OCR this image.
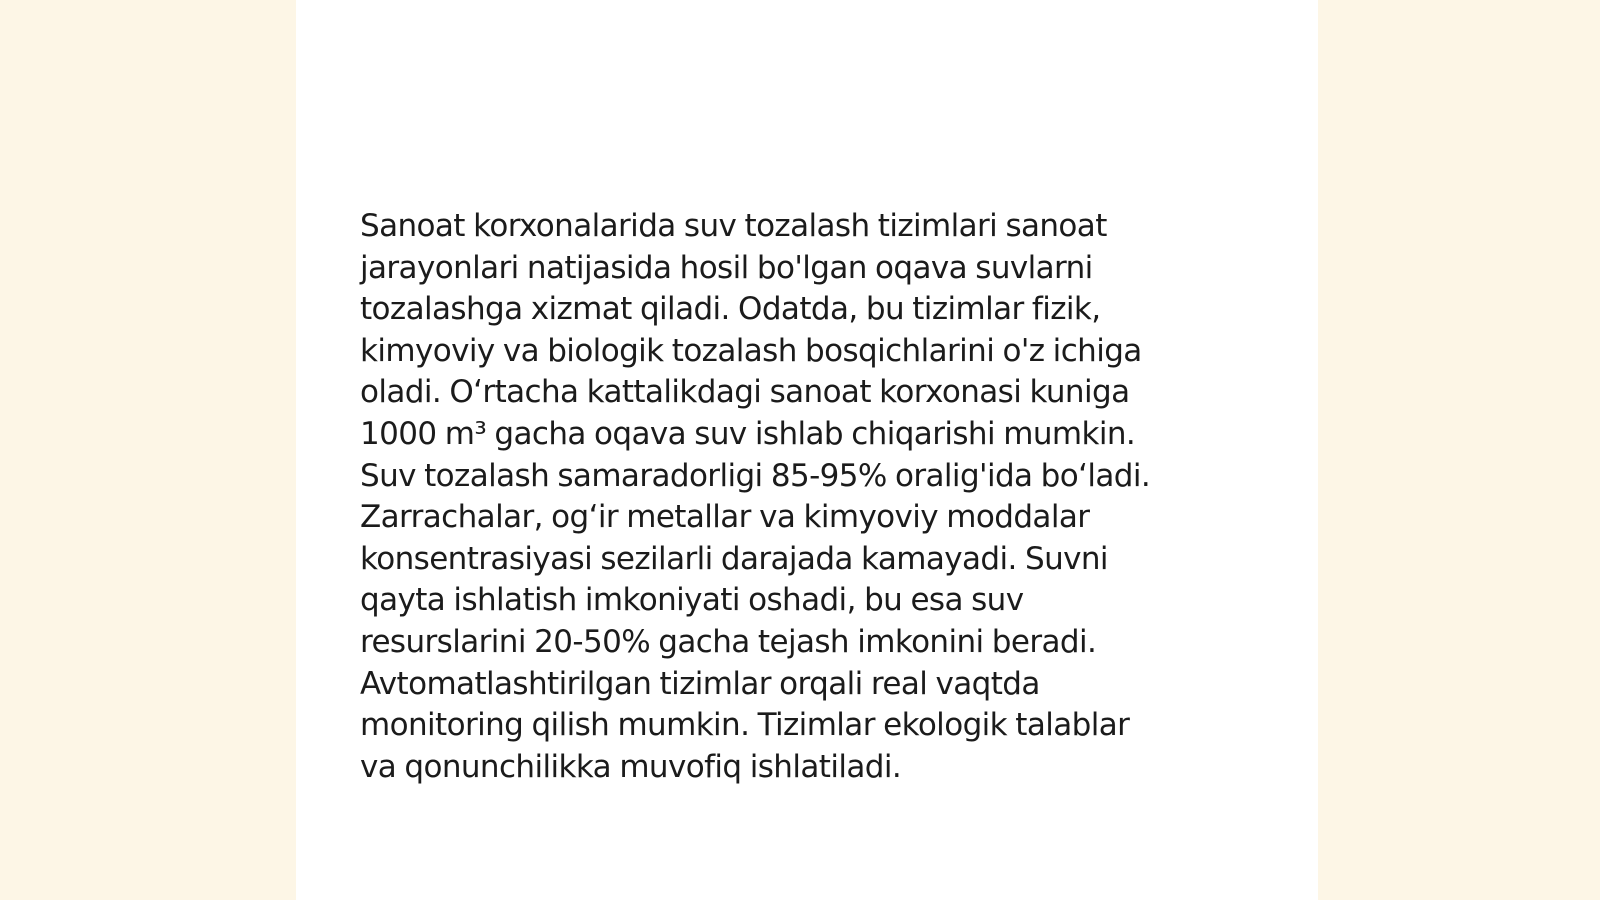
Sanoat korxonalarida suv tozalash tizimlari sanoat
jarayonlari natijasida hosil bo'lgan oqava suvlarni
tozalashga xizmat qiladi. Odatda, bu tizimlar fizik,
kimyoviy va biologik tozalash bosqichlarini o'z ichiga
oladi. O‘rtacha kattalikdagi sanoat korxonasi kuniga
1000 m³ gacha oqava suv ishlab chiqarishi mumkin.
Suv tozalash samaradorligi 85-95% oralig'ida bo‘ladi.
Zarrachalar, og‘ir metallar va kimyoviy moddalar
konsentrasiyasi sezilarli darajada kamayadi. Suvni
qayta ishlatish imkoniyati oshadi, bu esa suv
resurslarini 20-50% gacha tejash imkonini beradi.
Avtomatlashtirilgan tizimlar orqali real vaqtda
monitoring qilish mumkin. Tizimlar ekologik talablar
va qonunchilikka muvofiq ishlatiladi.
